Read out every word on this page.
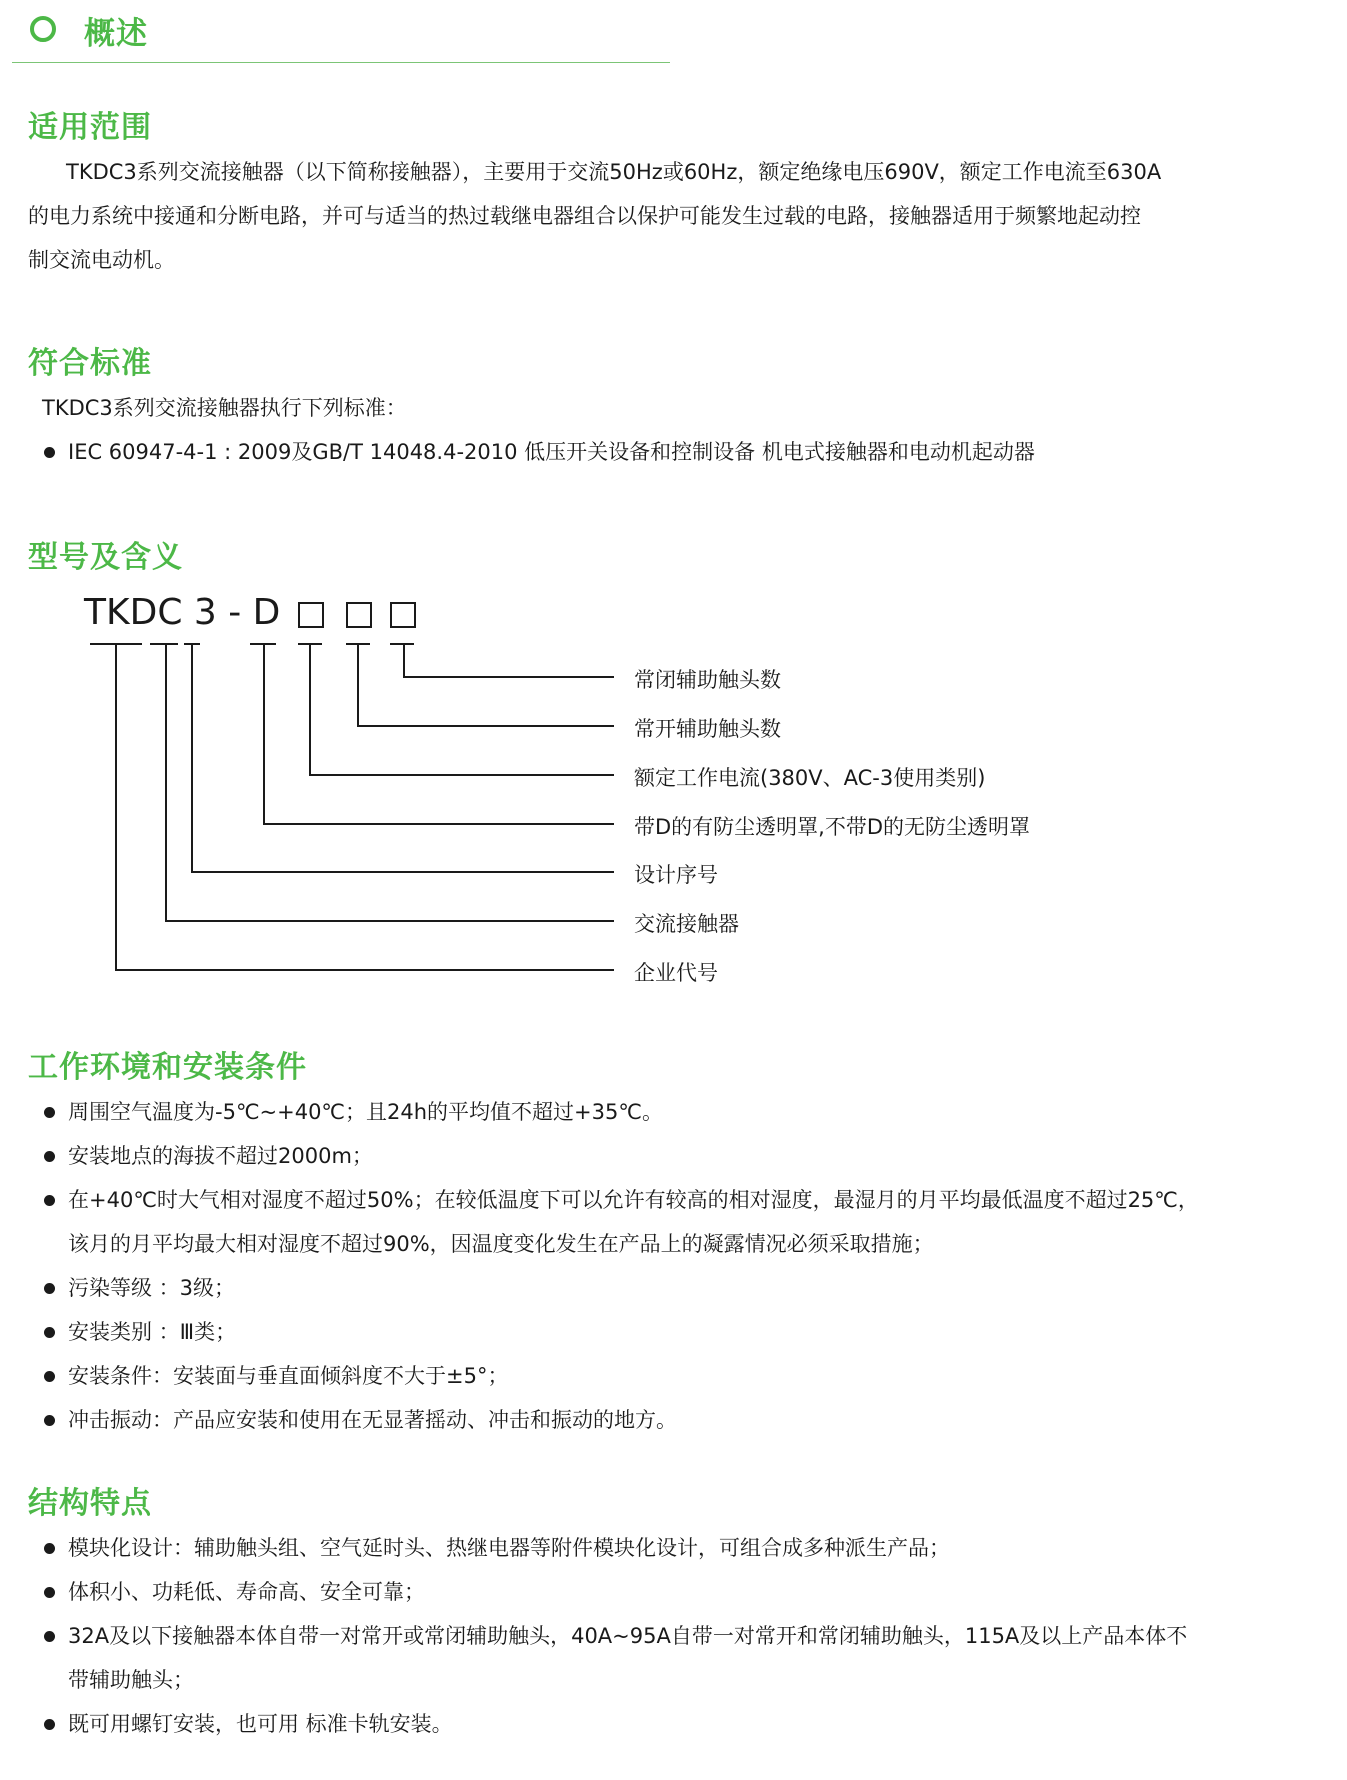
概述
适用范围
TKDC3系列交流接触器（以下简称接触器），主要用于交流50Hz或60Hz，额定绝缘电压690V，额定工作电流至630A
的电力系统中接通和分断电路，并可与适当的热过载继电器组合以保护可能发生过载的电路，接触器适用于频繁地起动控
制交流电动机。
符合标准
TKDC3系列交流接触器执行下列标准：
IEC 60947-4-1 : 2009及GB/T 14048.4-2010 低压开关设备和控制设备 机电式接触器和电动机起动器
型号及含义
TKDC 3 - D
常闭辅助触头数
常开辅助触头数
额定工作电流(380V、AC-3使用类别)
带D的有防尘透明罩,不带D的无防尘透明罩
设计序号
交流接触器
企业代号
工作环境和安装条件
周围空气温度为-5℃~+40℃；且24h的平均值不超过+35℃。
安装地点的海拔不超过2000m；
在+40℃时大气相对湿度不超过50%；在较低温度下可以允许有较高的相对湿度，最湿月的月平均最低温度不超过25℃，
该月的月平均最大相对湿度不超过90%，因温度变化发生在产品上的凝露情况必须采取措施；
污染等级 ：3级；
安装类别 ：Ⅲ类；
安装条件：安装面与垂直面倾斜度不大于±5°；
冲击振动：产品应安装和使用在无显著摇动、冲击和振动的地方。
结构特点
模块化设计：辅助触头组、空气延时头、热继电器等附件模块化设计，可组合成多种派生产品；
体积小、功耗低、寿命高、安全可靠；
32A及以下接触器本体自带一对常开或常闭辅助触头，40A~95A自带一对常开和常闭辅助触头，115A及以上产品本体不
带辅助触头；
既可用螺钉安装，也可用 标准卡轨安装。
